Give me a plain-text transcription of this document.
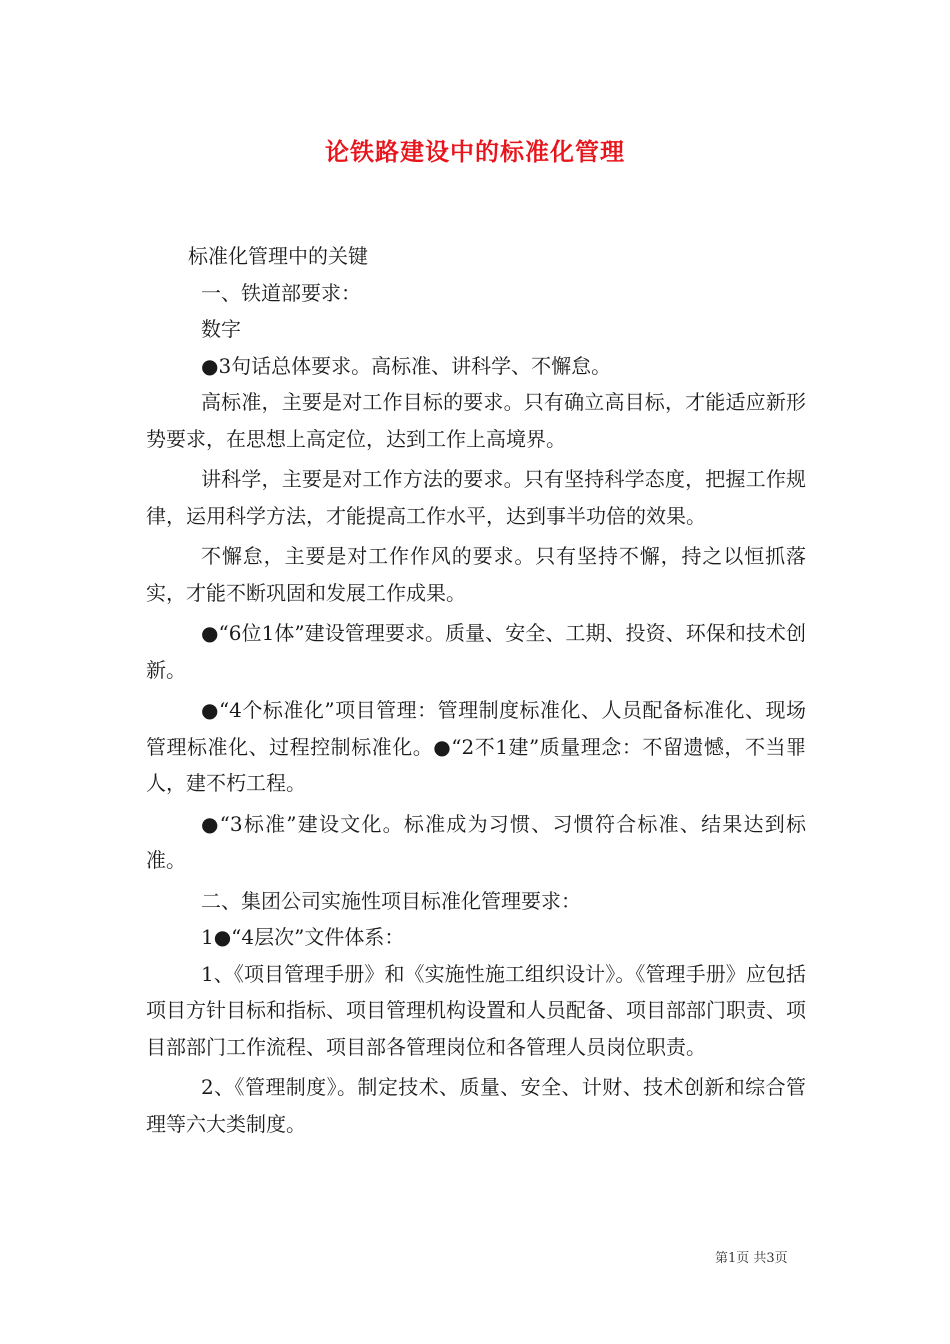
论铁路建设中的标准化管理

标准化管理中的关键

一、铁道部要求：

数字

●3句话总体要求。高标准、讲科学、不懈怠。

高标准，主要是对工作目标的要求。只有确立高目标，才能适应新形势要求，在思想上高定位，达到工作上高境界。

讲科学，主要是对工作方法的要求。只有坚持科学态度，把握工作规律，运用科学方法，才能提高工作水平，达到事半功倍的效果。

不懈怠，主要是对工作作风的要求。只有坚持不懈，持之以恒抓落实，才能不断巩固和发展工作成果。

●“6位1体”建设管理要求。质量、安全、工期、投资、环保和技术创新。

●“4个标准化”项目管理：管理制度标准化、人员配备标准化、现场管理标准化、过程控制标准化。●“2不1建”质量理念：不留遗憾，不当罪人，建不朽工程。

●“3标准”建设文化。标准成为习惯、习惯符合标准、结果达到标准。

二、集团公司实施性项目标准化管理要求：

1●“4层次”文件体系：

1、《项目管理手册》和《实施性施工组织设计》。《管理手册》应包括项目方针目标和指标、项目管理机构设置和人员配备、项目部部门职责、项目部部门工作流程、项目部各管理岗位和各管理人员岗位职责。

2、《管理制度》。制定技术、质量、安全、计财、技术创新和综合管理等六大类制度。

第1页 共3页
